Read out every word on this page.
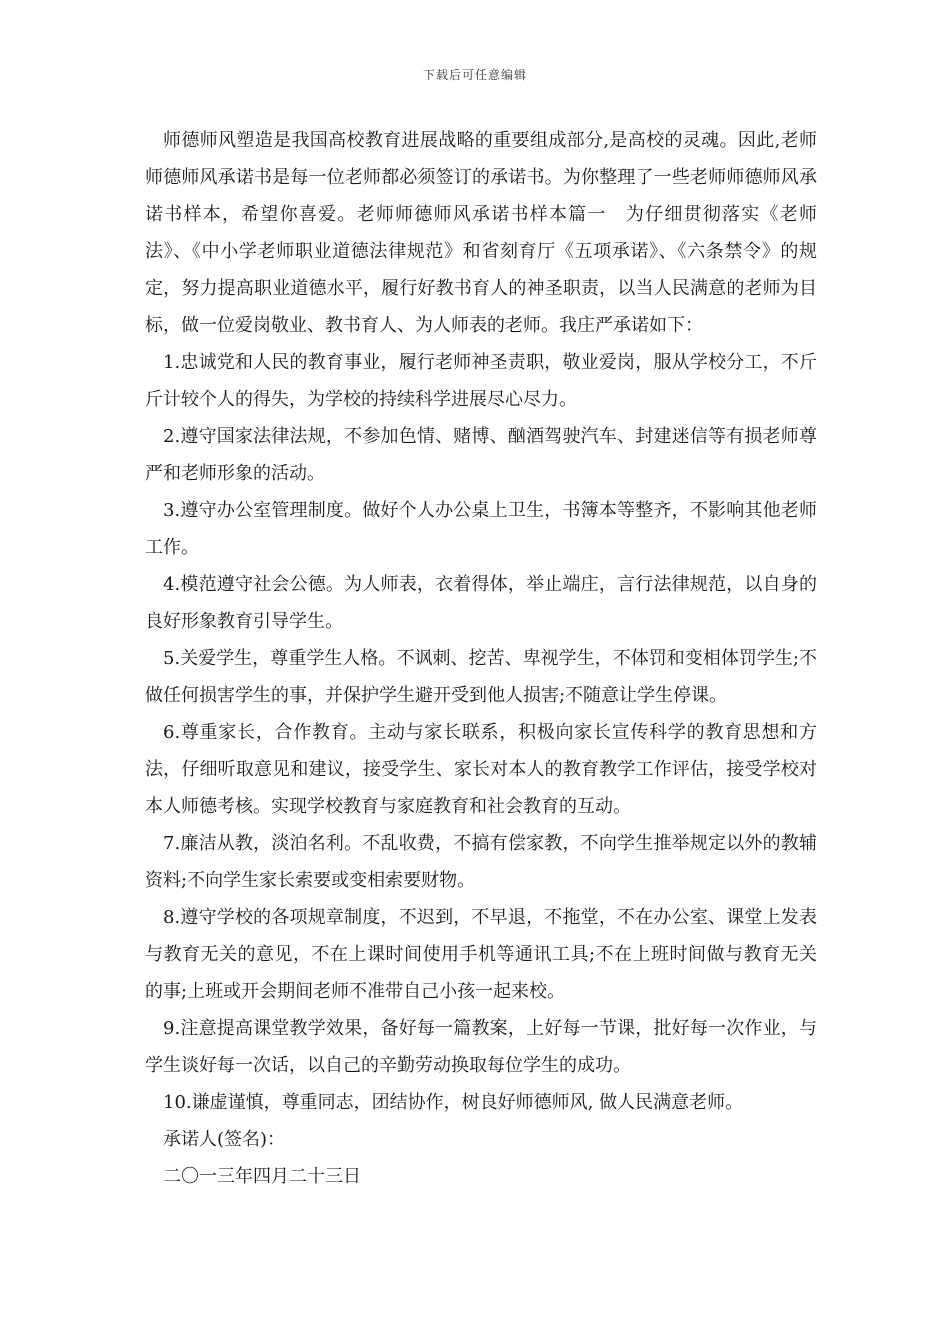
下载后可任意编辑

师德师风塑造是我国高校教育进展战略的重要组成部分,是高校的灵魂。因此,老师师德师风承诺书是每一位老师都必须签订的承诺书。为你整理了一些老师师德师风承诺书样本，希望你喜爱。老师师德师风承诺书样本篇一　为仔细贯彻落实《老师法》、《中小学老师职业道德法律规范》和省刻育厅《五项承诺》、《六条禁令》的规定，努力提高职业道德水平，履行好教书育人的神圣职责，以当人民满意的老师为目标，做一位爱岗敬业、教书育人、为人师表的老师。我庄严承诺如下：

1.忠诚党和人民的教育事业，履行老师神圣责职，敬业爱岗，服从学校分工，不斤斤计较个人的得失，为学校的持续科学进展尽心尽力。

2.遵守国家法律法规，不参加色情、赌博、酗酒驾驶汽车、封建迷信等有损老师尊严和老师形象的活动。

3.遵守办公室管理制度。做好个人办公桌上卫生，书簿本等整齐，不影响其他老师工作。

4.模范遵守社会公德。为人师表，衣着得体，举止端庄，言行法律规范，以自身的良好形象教育引导学生。

5.关爱学生，尊重学生人格。不讽刺、挖苦、卑视学生，不体罚和变相体罚学生;不做任何损害学生的事，并保护学生避开受到他人损害;不随意让学生停课。

6.尊重家长，合作教育。主动与家长联系，积极向家长宣传科学的教育思想和方法，仔细听取意见和建议，接受学生、家长对本人的教育教学工作评估，接受学校对本人师德考核。实现学校教育与家庭教育和社会教育的互动。

7.廉洁从教，淡泊名利。不乱收费，不搞有偿家教，不向学生推举规定以外的教辅资料;不向学生家长索要或变相索要财物。

8.遵守学校的各项规章制度，不迟到，不早退，不拖堂，不在办公室、课堂上发表与教育无关的意见，不在上课时间使用手机等通讯工具;不在上班时间做与教育无关的事;上班或开会期间老师不准带自己小孩一起来校。

9.注意提高课堂教学效果，备好每一篇教案，上好每一节课，批好每一次作业，与学生谈好每一次话，以自己的辛勤劳动换取每位学生的成功。

10.谦虚谨慎，尊重同志，团结协作，树良好师德师风, 做人民满意老师。

承诺人(签名)：

二〇一三年四月二十三日
